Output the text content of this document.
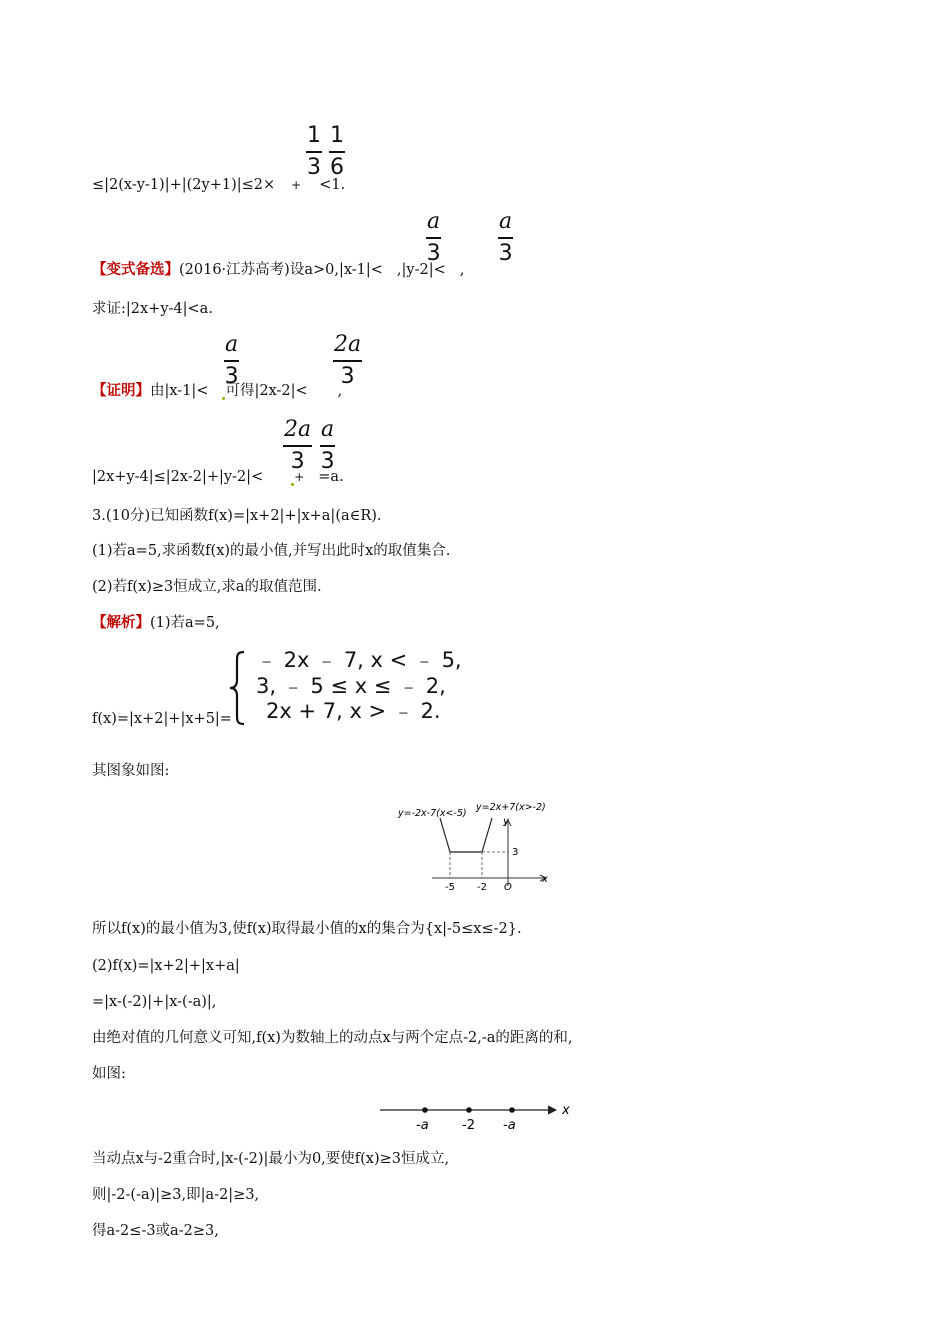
1
3
1
6
≤|2(x-y-1)|+|(2y+1)|≤2× + <1.
a
3
a
3
【变式备选】(2016·江苏高考)设a>0,|x-1|< ,|y-2|< ,
求证:|2x+y-4|<a.
a
3
2a
3
【证明】由|x-1|< 可得|2x-2|< ,
2a
3
a
3
|2x+y-4|≤|2x-2|+|y-2|<	+ =a.
3.(10分)已知函数f(x)=|x+2|+|x+a|(a∈R).
(1)若a=5,求函数f(x)的最小值,并写出此时x的取值集合.
(2)若f(x)≥3恒成立,求a的取值范围.
【解析】(1)若a=5,
﹣ 2x ﹣ 7, x < ﹣ 5,
3, ﹣ 5 ≤ x ≤ ﹣ 2,
2x + 7, x > ﹣ 2.
f(x)=|x+2|+|x+5|=
其图象如图:
y=-2x-7(x<-5)
y=2x+7(x>-2)
y
x
3
-5 -2 O
所以f(x)的最小值为3,使f(x)取得最小值的x的集合为{x|-5≤x≤-2}.
(2)f(x)=|x+2|+|x+a|
=|x-(-2)|+|x-(-a)|,
由绝对值的几何意义可知,f(x)为数轴上的动点x与两个定点-2,-a的距离的和,
如图:
-a	-2 -a
x
当动点x与-2重合时,|x-(-2)|最小为0,要使f(x)≥3恒成立,
则|-2-(-a)|≥3,即|a-2|≥3,
得a-2≤-3或a-2≥3,
